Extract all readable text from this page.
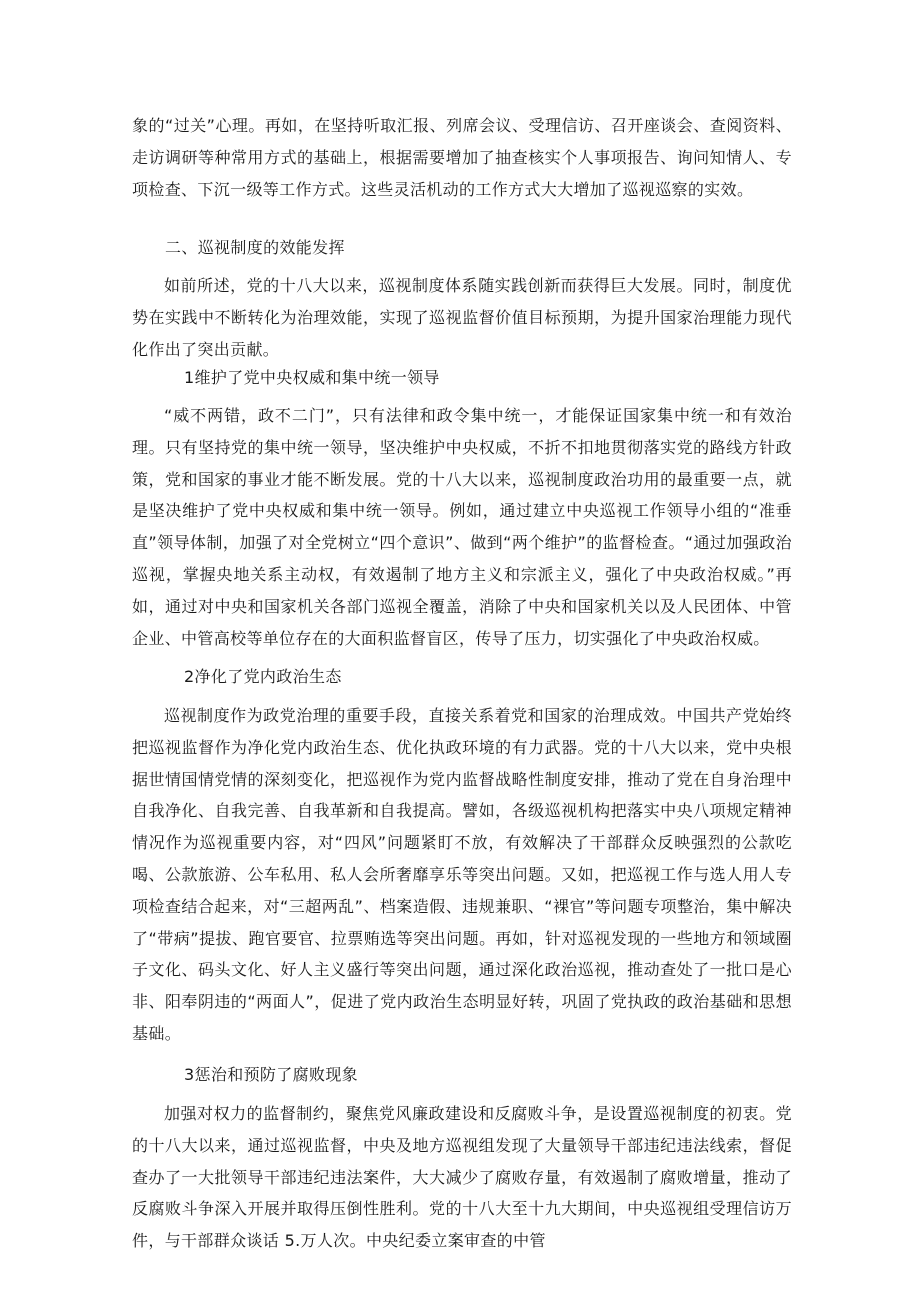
象的“过关”心理。再如，在坚持听取汇报、列席会议、受理信访、召开座谈会、查阅资料、走访调研等种常用方式的基础上，根据需要增加了抽查核实个人事项报告、询问知情人、专项检查、下沉一级等工作方式。这些灵活机动的工作方式大大增加了巡视巡察的实效。

二、巡视制度的效能发挥

如前所述，党的十八大以来，巡视制度体系随实践创新而获得巨大发展。同时，制度优势在实践中不断转化为治理效能，实现了巡视监督价值目标预期，为提升国家治理能力现代化作出了突出贡献。

1维护了党中央权威和集中统一领导

“威不两错，政不二门”，只有法律和政令集中统一，才能保证国家集中统一和有效治理。只有坚持党的集中统一领导，坚决维护中央权威，不折不扣地贯彻落实党的路线方针政策，党和国家的事业才能不断发展。党的十八大以来，巡视制度政治功用的最重要一点，就是坚决维护了党中央权威和集中统一领导。例如，通过建立中央巡视工作领导小组的“准垂直”领导体制，加强了对全党树立“四个意识”、做到“两个维护”的监督检查。“通过加强政治巡视，掌握央地关系主动权，有效遏制了地方主义和宗派主义，强化了中央政治权威。”再如，通过对中央和国家机关各部门巡视全覆盖，消除了中央和国家机关以及人民团体、中管企业、中管高校等单位存在的大面积监督盲区，传导了压力，切实强化了中央政治权威。

2净化了党内政治生态

巡视制度作为政党治理的重要手段，直接关系着党和国家的治理成效。中国共产党始终把巡视监督作为净化党内政治生态、优化执政环境的有力武器。党的十八大以来，党中央根据世情国情党情的深刻变化，把巡视作为党内监督战略性制度安排，推动了党在自身治理中自我净化、自我完善、自我革新和自我提高。譬如，各级巡视机构把落实中央八项规定精神情况作为巡视重要内容，对“四风”问题紧盯不放，有效解决了干部群众反映强烈的公款吃喝、公款旅游、公车私用、私人会所奢靡享乐等突出问题。又如，把巡视工作与选人用人专项检查结合起来，对“三超两乱”、档案造假、违规兼职、“裸官”等问题专项整治，集中解决了“带病”提拔、跑官要官、拉票贿选等突出问题。再如，针对巡视发现的一些地方和领域圈子文化、码头文化、好人主义盛行等突出问题，通过深化政治巡视，推动查处了一批口是心非、阳奉阴违的“两面人”，促进了党内政治生态明显好转，巩固了党执政的政治基础和思想基础。

3惩治和预防了腐败现象

加强对权力的监督制约，聚焦党风廉政建设和反腐败斗争，是设置巡视制度的初衷。党的十八大以来，通过巡视监督，中央及地方巡视组发现了大量领导干部违纪违法线索，督促查办了一大批领导干部违纪违法案件，大大减少了腐败存量，有效遏制了腐败增量，推动了反腐败斗争深入开展并取得压倒性胜利。党的十八大至十九大期间，中央巡视组受理信访万件，与干部群众谈话 5.万人次。中央纪委立案审查的中管
